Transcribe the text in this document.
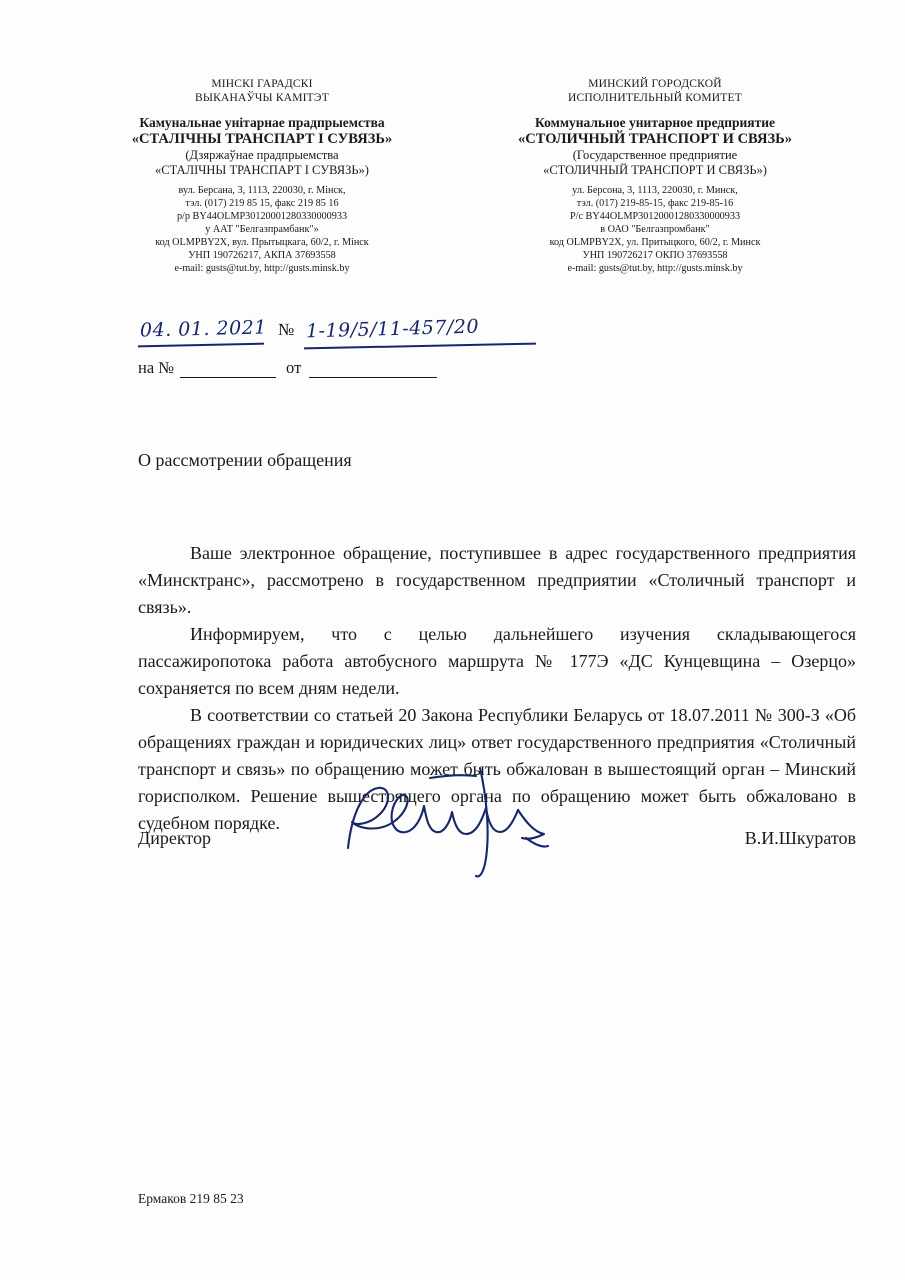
МІНСКІ ГАРАДСКІ
ВЫКАНАЎЧЫ КАМІТЭТ
Камунальнае унітарнае прадпрыемства
«СТАЛІЧНЫ ТРАНСПАРТ І СУВЯЗЬ»
(Дзяржаўнае прадпрыемства
«СТАЛІЧНЫ ТРАНСПАРТ І СУВЯЗЬ»)
вул. Берсана, 3, 1113, 220030, г. Мінск,
тэл. (017) 219 85 15, факс 219 85 16
р/р BY44OLMP30120001280330000933
у ААТ "Белгазпрамбанк"»
код OLMPBY2X, вул. Прытыцкага, 60/2, г. Мінск
УНП 190726217, АКПА 37693558
e-mail: gusts@tut.by, http://gusts.minsk.by
МИНСКИЙ ГОРОДСКОЙ
ИСПОЛНИТЕЛЬНЫЙ КОМИТЕТ
Коммунальное унитарное предприятие
«СТОЛИЧНЫЙ ТРАНСПОРТ И СВЯЗЬ»
(Государственное предприятие
«СТОЛИЧНЫЙ ТРАНСПОРТ И СВЯЗЬ»)
ул. Берсона, 3, 1113, 220030, г. Минск,
тэл. (017) 219-85-15, факс 219-85-16
Р/с BY44OLMP30120001280330000933
в ОАО "Белгазпромбанк"
код OLMPBY2X, ул. Притыцкого, 60/2, г. Минск
УНП 190726217 ОКПО 37693558
e-mail: gusts@tut.by, http://gusts.minsk.by
04. 01. 2021 № 1-19/5/11-457/20
на №	от
О рассмотрении обращения

Ваше электронное обращение, поступившее в адрес государственного предприятия «Минсктранс», рассмотрено в государственном предприятии «Столичный транспорт и связь».

Информируем, что с целью дальнейшего изучения складывающегося пассажиропотока работа автобусного маршрута № 177Э «ДС Кунцевщина – Озерцо» сохраняется по всем дням недели.

В соответствии со статьей 20 Закона Республики Беларусь от 18.07.2011 № 300-З «Об обращениях граждан и юридических лиц» ответ государственного предприятия «Столичный транспорт и связь» по обращению может быть обжалован в вышестоящий орган – Минский горисполком. Решение вышестоящего органа по обращению может быть обжаловано в судебном порядке.

Директор	В.И.Шкуратов
Ермаков 219 85 23
